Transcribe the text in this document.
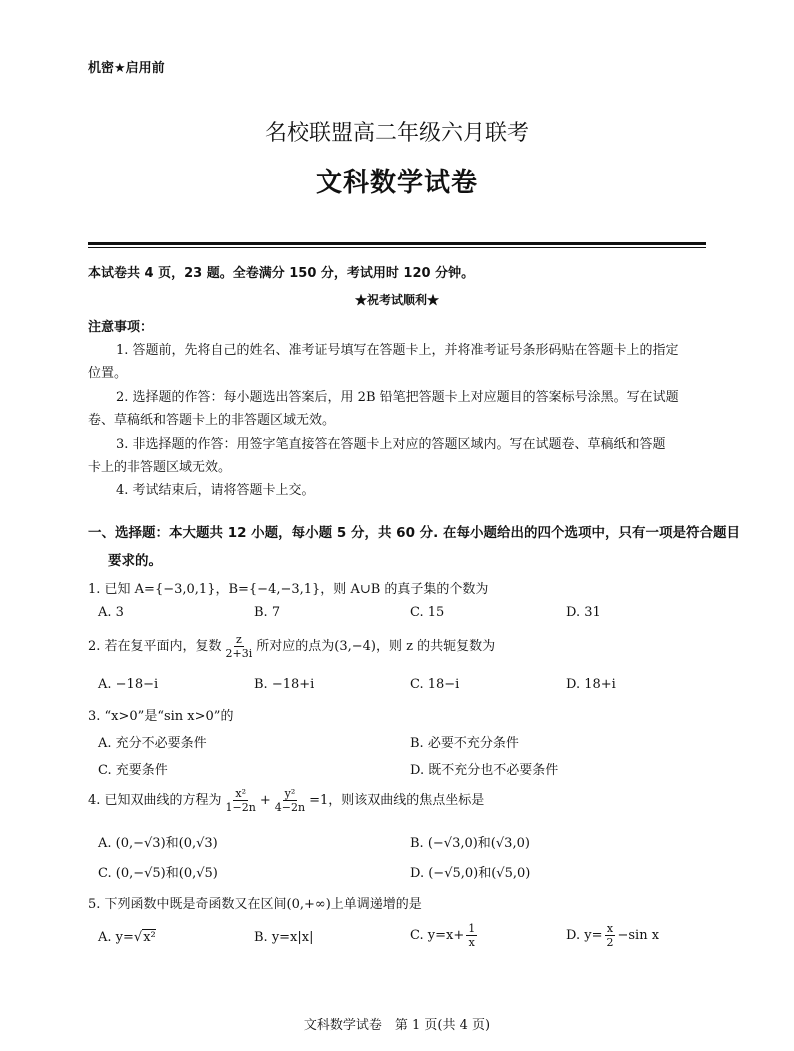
机密★启用前
名校联盟高二年级六月联考
文科数学试卷
本试卷共 4 页，23 题。全卷满分 150 分，考试用时 120 分钟。
★祝考试顺利★
注意事项：
1. 答题前，先将自己的姓名、准考证号填写在答题卡上，并将准考证号条形码贴在答题卡上的指定
位置。
2. 选择题的作答：每小题选出答案后，用 2B 铅笔把答题卡上对应题目的答案标号涂黑。写在试题
卷、草稿纸和答题卡上的非答题区域无效。
3. 非选择题的作答：用签字笔直接答在答题卡上对应的答题区域内。写在试题卷、草稿纸和答题
卡上的非答题区域无效。
4. 考试结束后，请将答题卡上交。
一、选择题：本大题共 12 小题，每小题 5 分，共 60 分. 在每小题给出的四个选项中，只有一项是符合题目
要求的。
1. 已知 A={−3,0,1}，B={−4,−3,1}，则 A∪B 的真子集的个数为
A. 3	B. 7	C. 15	D. 31
2. 若在复平面内，复数 $\frac{z}{2+3i}$ 所对应的点为(3,−4)，则 z 的共轭复数为
A. −18−i	B. −18+i	C. 18−i	D. 18+i
3. “x>0”是“sin x>0”的
A. 充分不必要条件	B. 必要不充分条件
C. 充要条件	D. 既不充分也不必要条件
4. 已知双曲线的方程为 $\frac{\text{x²}}{1-2n} + \frac{\text{y²}}{4-2n} =1$，则该双曲线的焦点坐标是
A. (0,−√3)和(0,√3)	B. (−√3,0)和(√3,0)
C. (0,−√5)和(0,√5)	D. (−√5,0)和(√5,0)
5. 下列函数中既是奇函数又在区间(0,+∞)上单调递增的是
A. y=√x²	B. y=x|x|	C. $y=x+ \frac{1}{x}$	D. $y= \frac{x}{2} -\sin$ x
文科数学试卷　第 1 页(共 4 页)
